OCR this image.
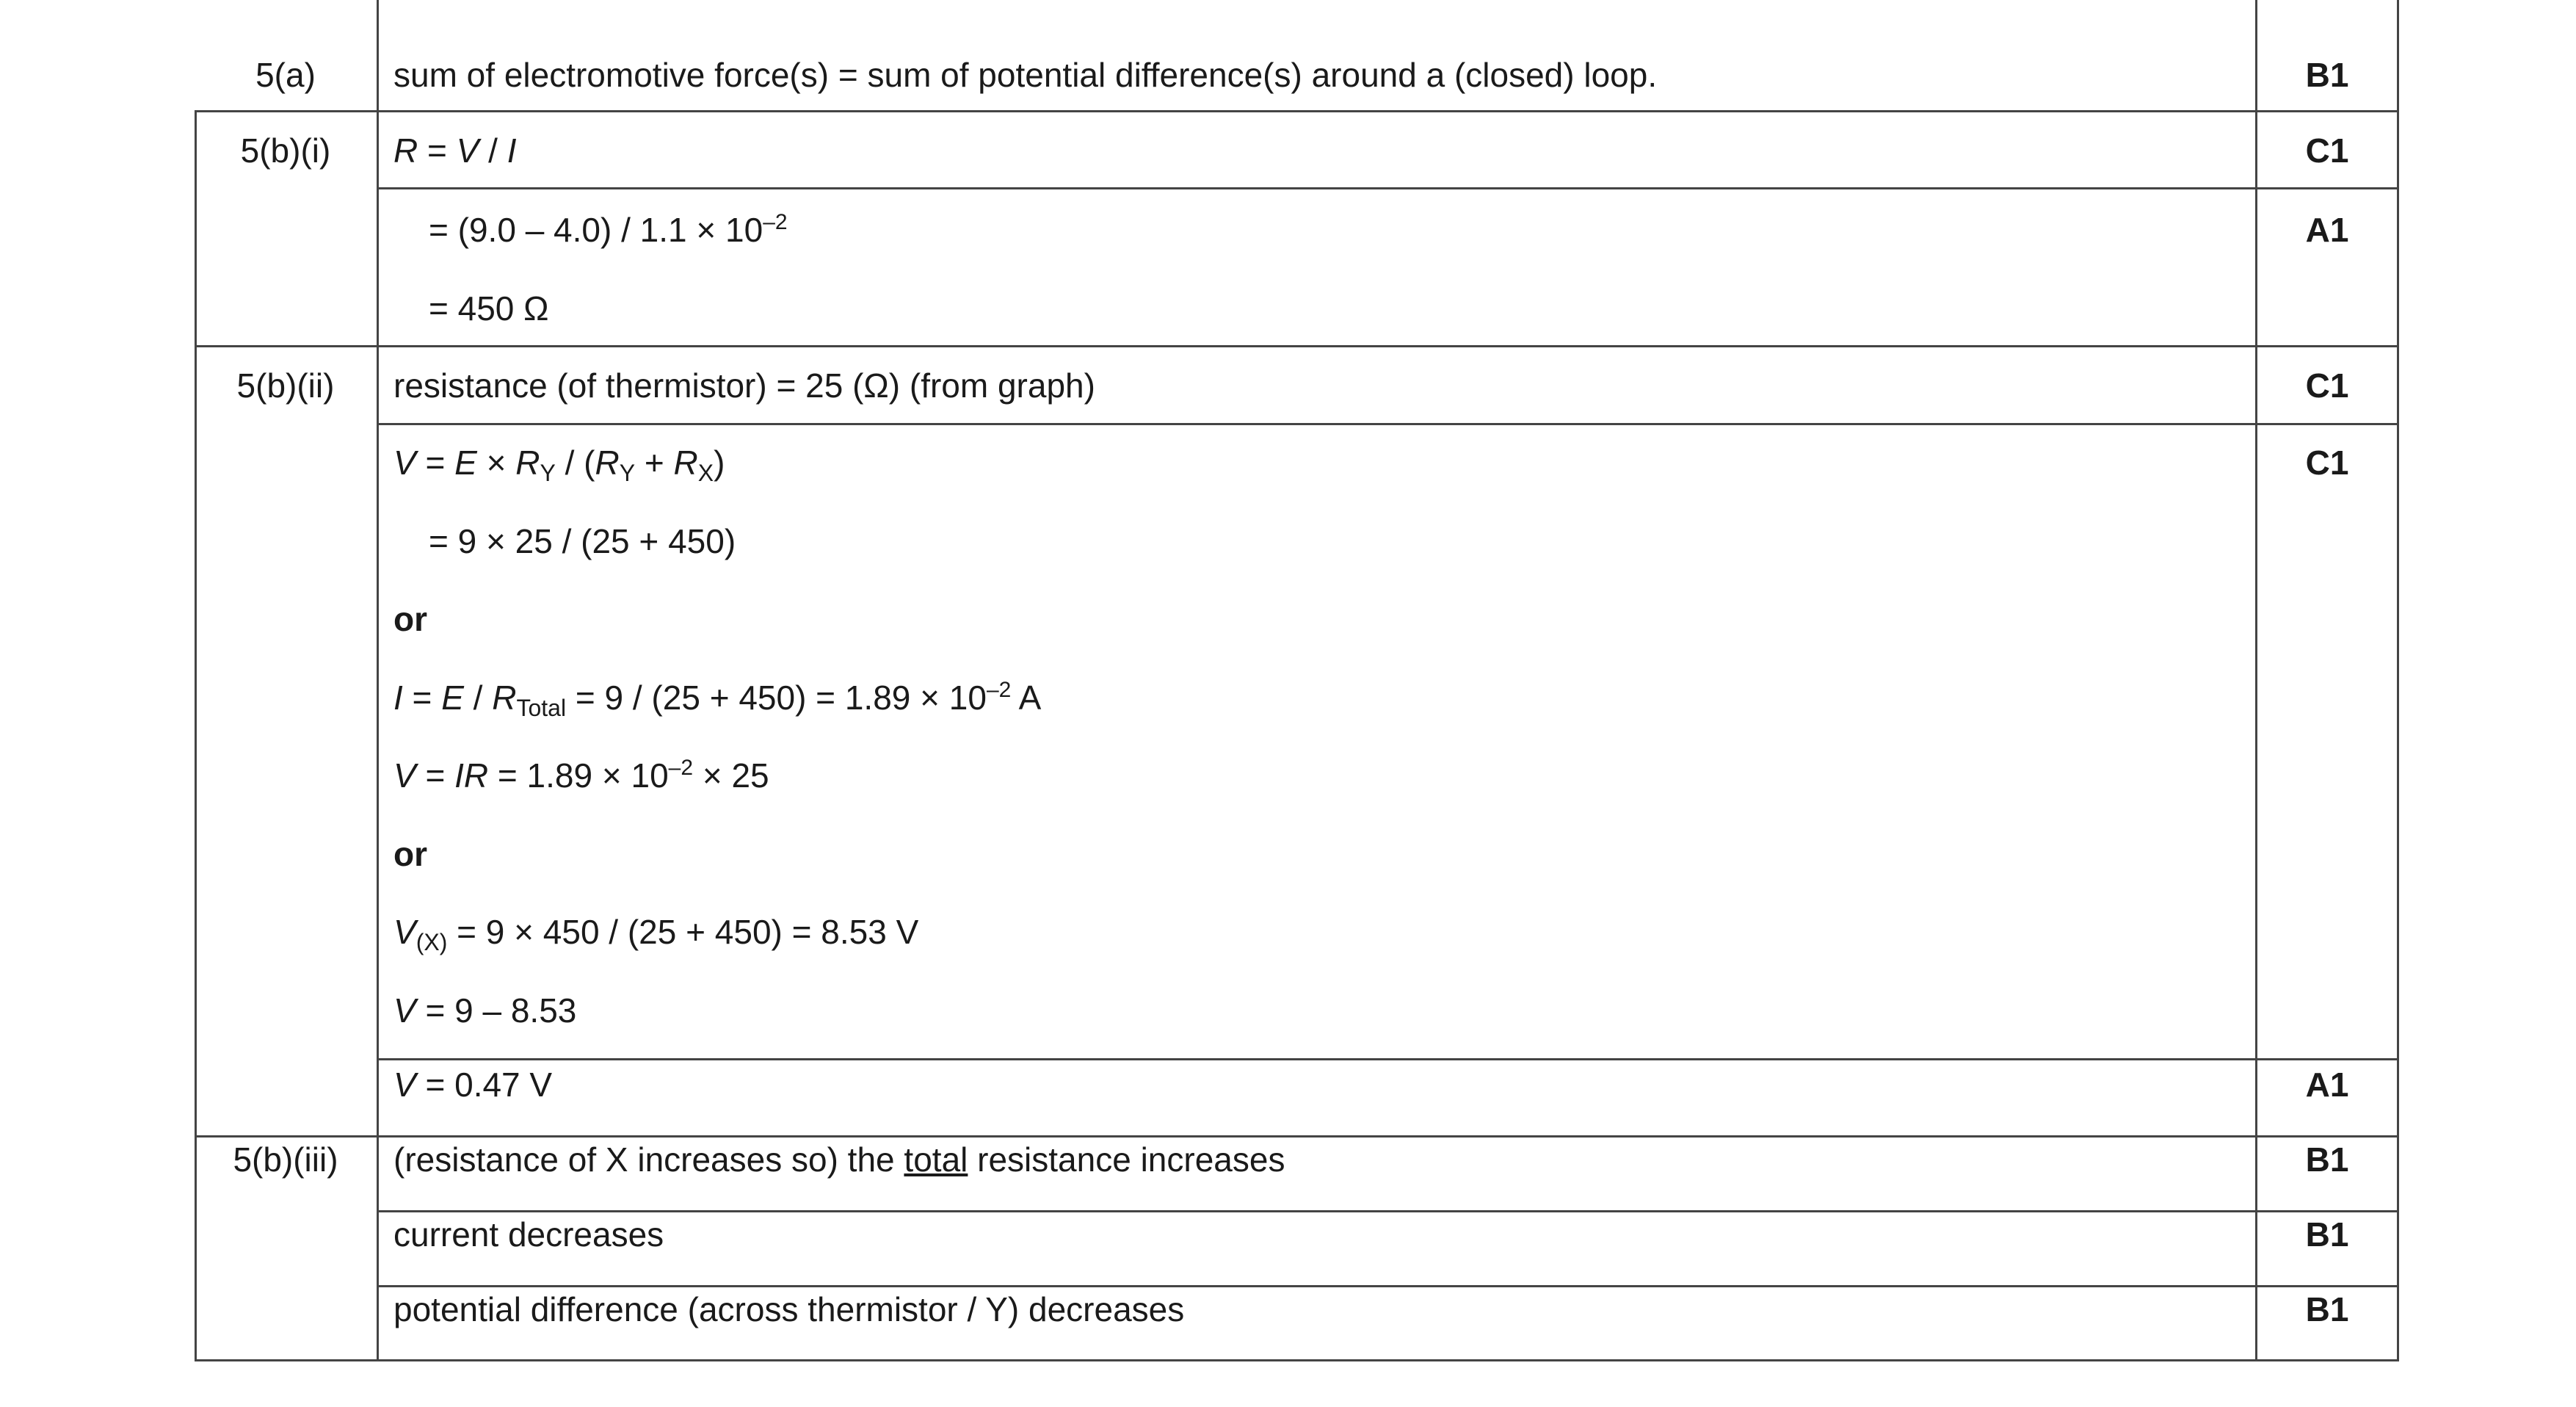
5(a)	sum of electromotive force(s) = sum of potential difference(s) around a (closed) loop.	B1
5(b)(i)	R = V / I	C1
= $(9.0 - 4.0) / 1.1 \times 10^{-2}$	A1
= 450 Ω
5(b)(ii)	resistance (of thermistor) = 25 (Ω) (from graph)	C1
$V = E \times R_Y / (R_Y + R_X)$	C1
= 9 × 25 / (25 + 450)
or
$I = E / R_{Total} = 9 / (25 + 450) = 1.89 \times 10^{-2}$ A
V = IR = $1.89 \times 10^{-2} \times 25$
or
$V_{(X)} = 9 \times 450 / (25 + 450) = 8.53$ V
V = 9 – 8.53
V = 0.47 V	A1
5(b)(iii)	(resistance of X increases so) the total resistance increases	B1
current decreases	B1
potential difference (across thermistor / Y) decreases	B1
